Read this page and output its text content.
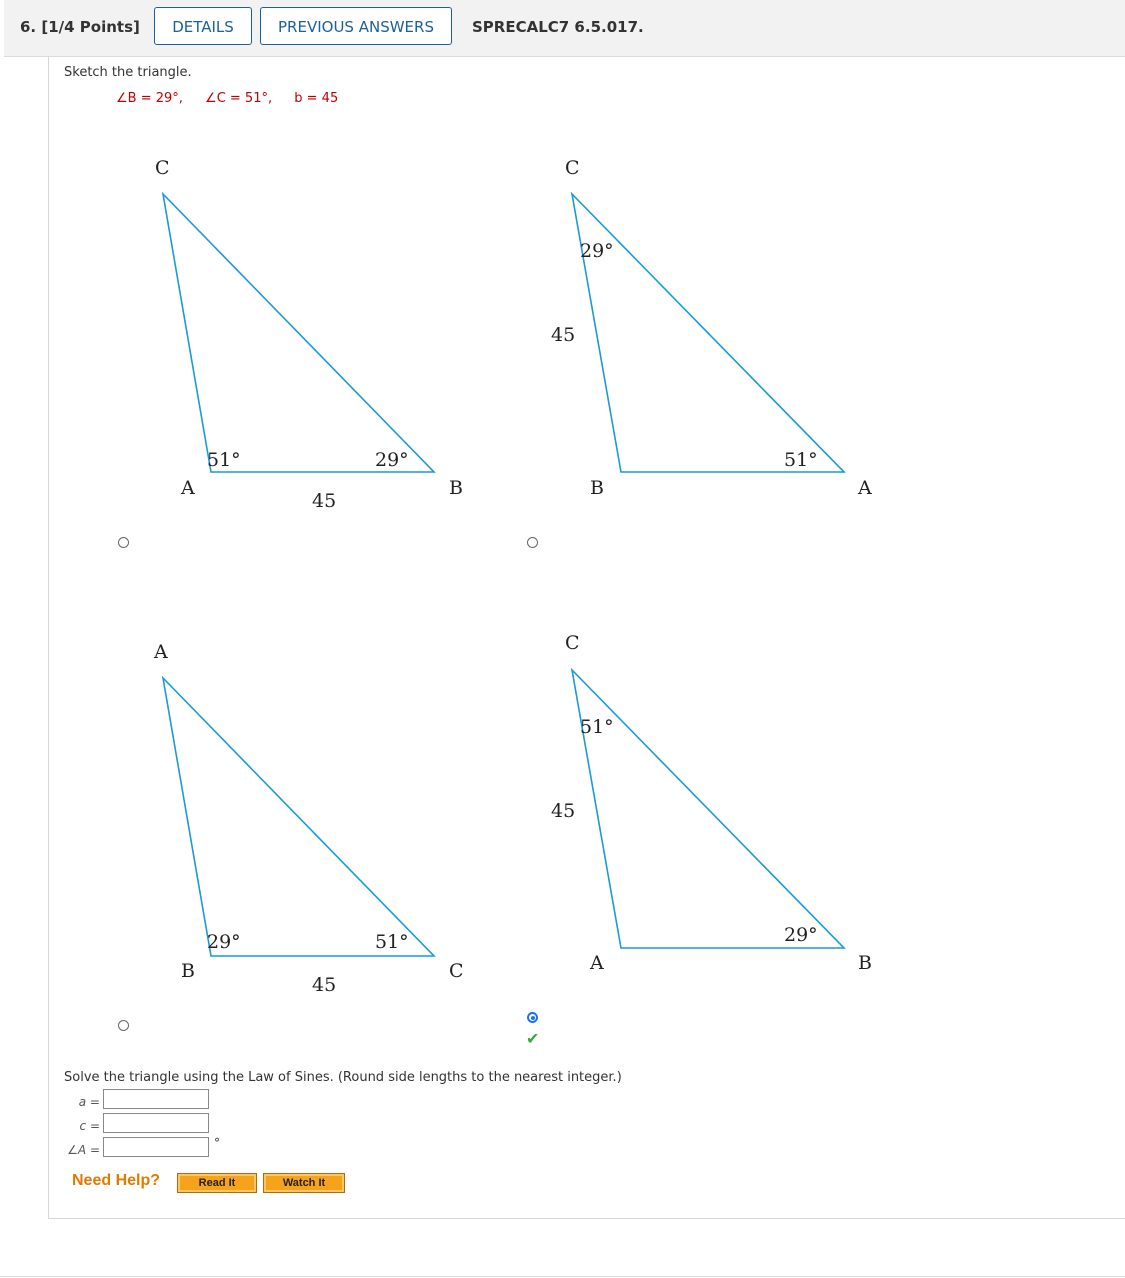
6. [1/4 Points]	DETAILS	PREVIOUS ANSWERS	SPRECALC7 6.5.017.
Sketch the triangle.
∠B = 29°, ∠C = 51°, b = 45
C
A	B
51°	29°
45
C
B	A
29°
51°
45
A
B	C
29°	51°
45
C
A	B
51°
29°
45
✔
Solve the triangle using the Law of Sines. (Round side lengths to the nearest integer.)
a =
c =
∠A =	°
Need Help?	Read It	Watch It
